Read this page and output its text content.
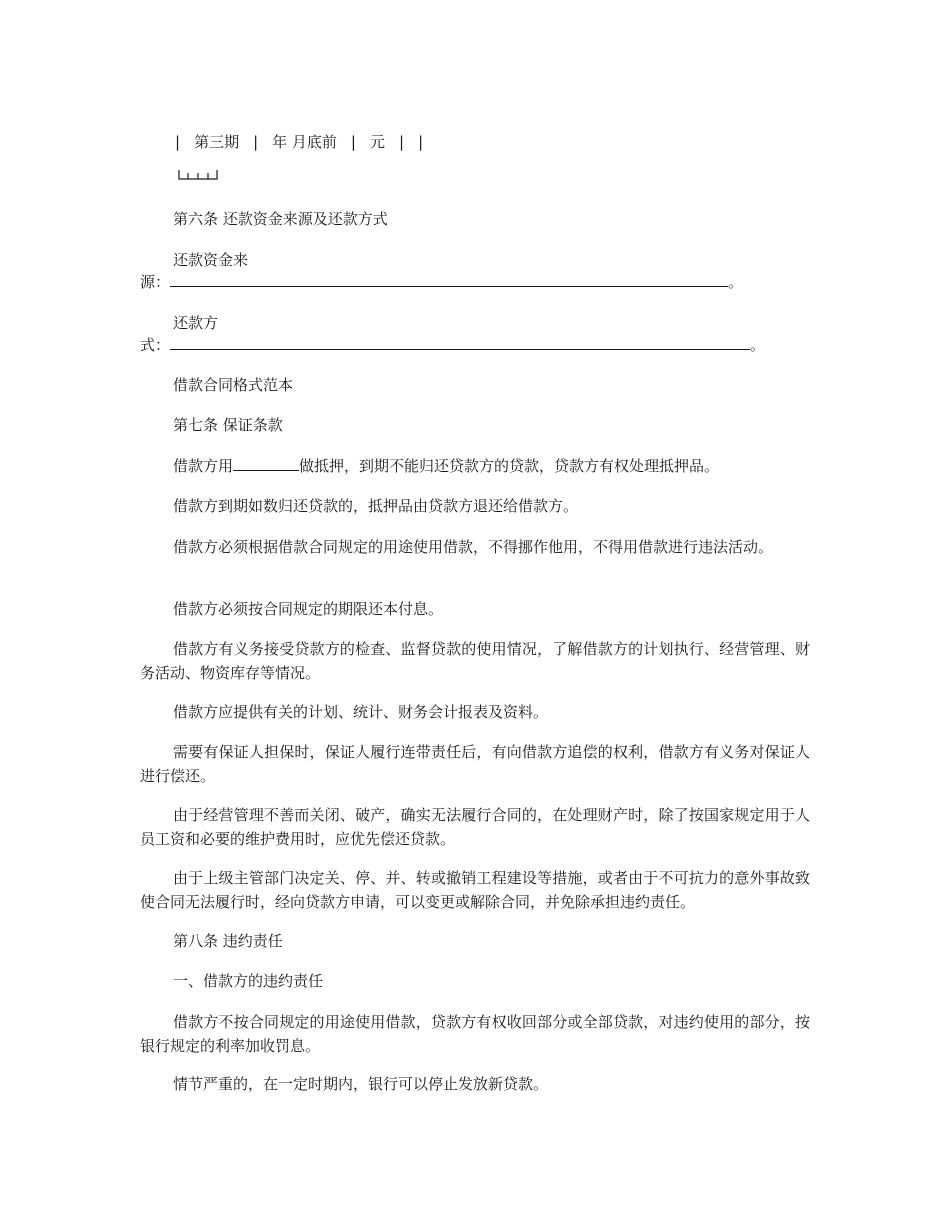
| 第三期 | 年 月底前 | 元 | |
第六条 还款资金来源及还款方式
还款资金来
源：	。
还款方
式：	。
借款合同格式范本
第七条 保证条款
借款方用	做抵押，到期不能归还贷款方的贷款，贷款方有权处理抵押品。
借款方到期如数归还贷款的，抵押品由贷款方退还给借款方。
借款方必须根据借款合同规定的用途使用借款，不得挪作他用，不得用借款进行违法活动。
借款方必须按合同规定的期限还本付息。
借款方有义务接受贷款方的检查、监督贷款的使用情况，了解借款方的计划执行、经营管理、财务活动、物资库存等情况。
借款方应提供有关的计划、统计、财务会计报表及资料。
需要有保证人担保时，保证人履行连带责任后，有向借款方追偿的权利，借款方有义务对保证人进行偿还。
由于经营管理不善而关闭、破产，确实无法履行合同的，在处理财产时，除了按国家规定用于人员工资和必要的维护费用时，应优先偿还贷款。
由于上级主管部门决定关、停、并、转或撤销工程建设等措施，或者由于不可抗力的意外事故致使合同无法履行时，经向贷款方申请，可以变更或解除合同，并免除承担违约责任。
第八条 违约责任
一、借款方的违约责任
借款方不按合同规定的用途使用借款，贷款方有权收回部分或全部贷款，对违约使用的部分，按银行规定的利率加收罚息。
情节严重的，在一定时期内，银行可以停止发放新贷款。
